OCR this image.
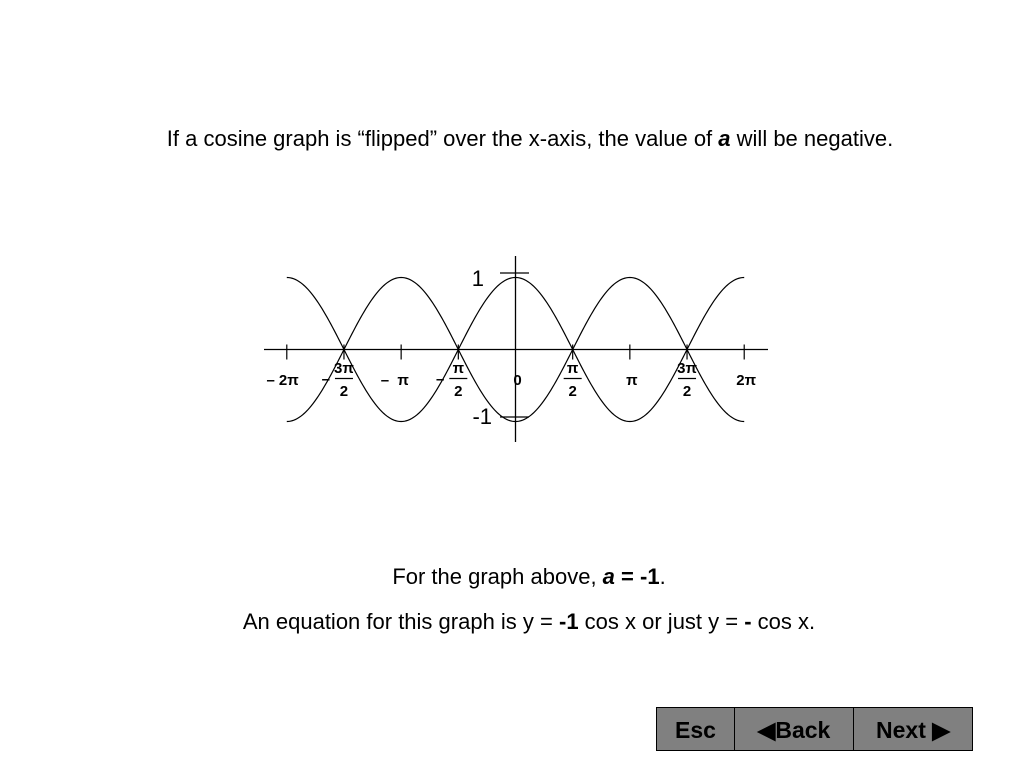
If a cosine graph is “flipped” over the x-axis, the value of a will be negative.
1
-1
– 2π –
3π
2
– π –
π
2
0
π
2
π
3π
2
2π
For the graph above, a = -1.
An equation for this graph is y = -1 cos x or just y = - cos x.
Esc	◀Back	Next ▶
